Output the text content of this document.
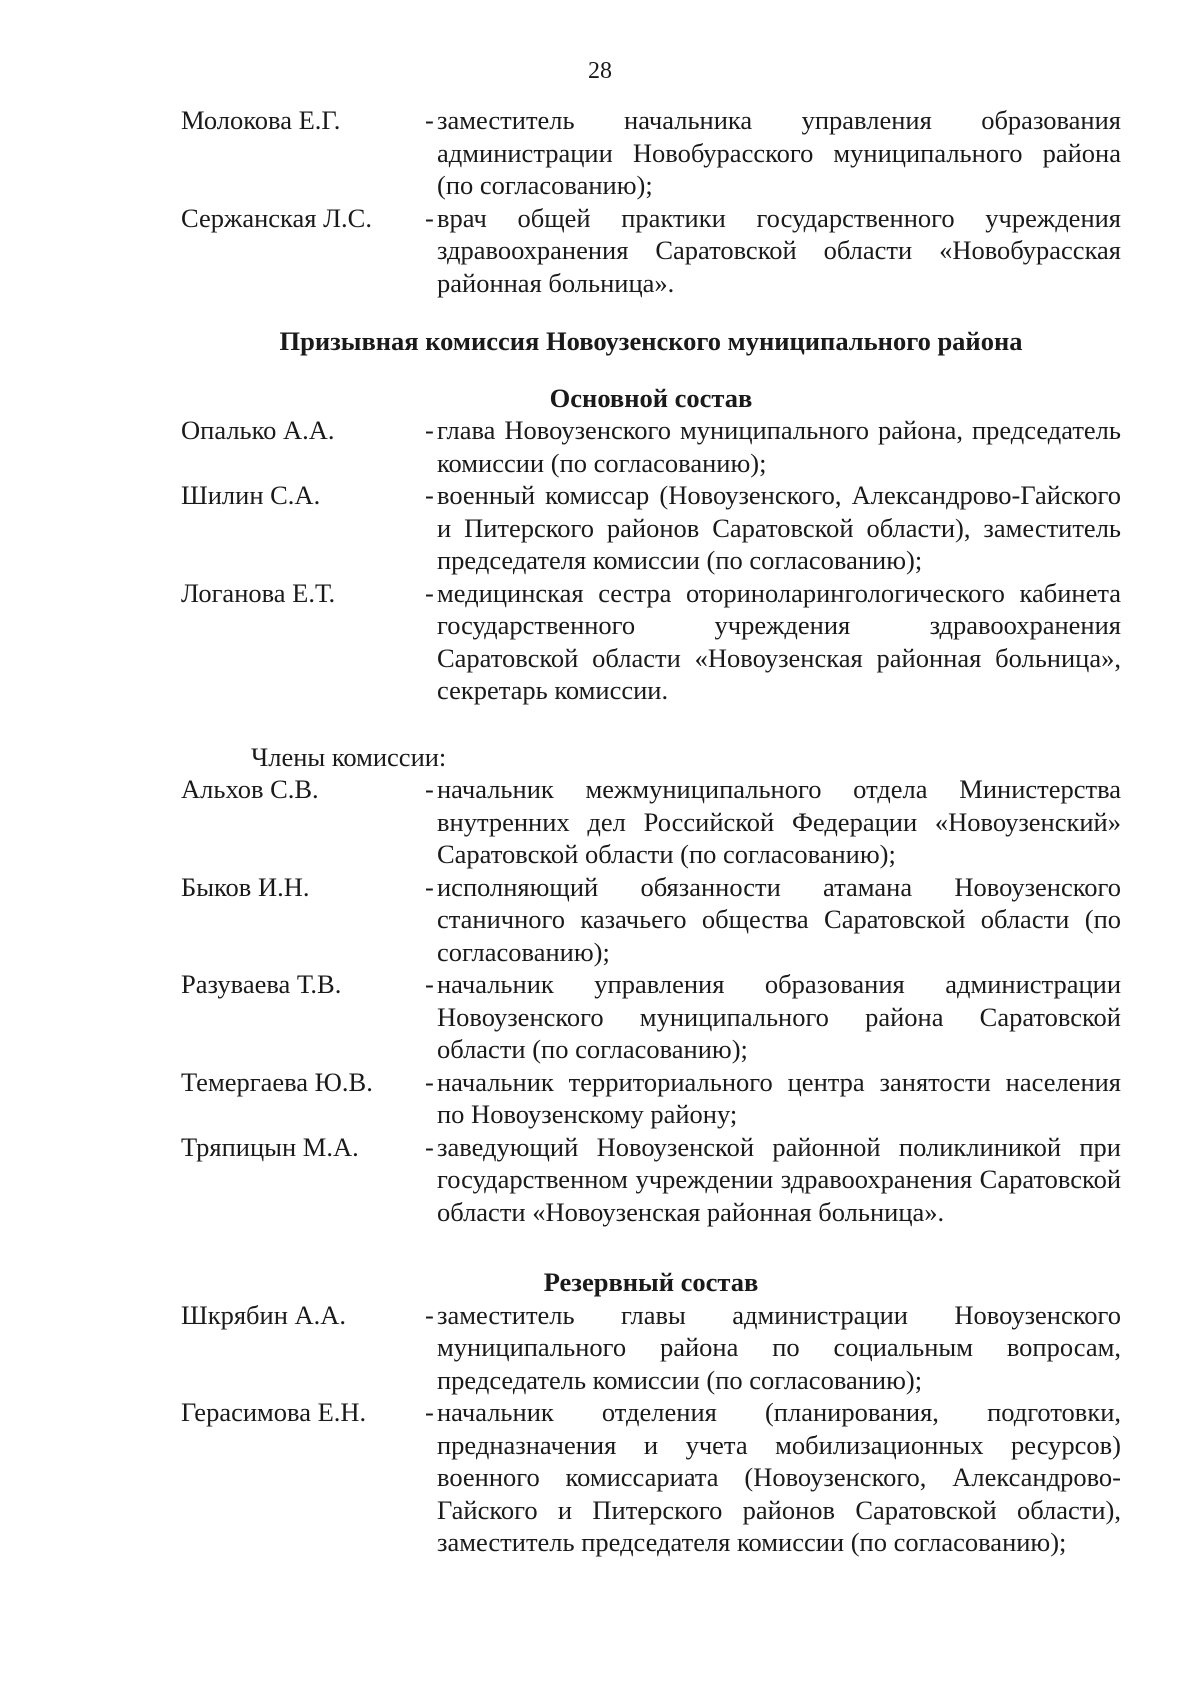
28
Молокова Е.Г.	- заместитель начальника управления образования администрации Новобурасского муниципального района (по согласованию);
Сержанская Л.С.	- врач общей практики государственного учреждения здравоохранения Саратовской области «Новобурасская районная больница».
Призывная комиссия Новоузенского муниципального района
Основной состав
Опалько А.А.	- глава Новоузенского муниципального района, председатель комиссии (по согласованию);
Шилин С.А.	- военный комиссар (Новоузенского, Александрово-Гайского и Питерского районов Саратовской области), заместитель председателя комиссии (по согласованию);
Логанова Е.Т.	- медицинская сестра оториноларингологического кабинета государственного учреждения здравоохранения Саратовской области «Новоузенская районная больница», секретарь комиссии.
Члены комиссии:
Альхов С.В.	- начальник межмуниципального отдела Министерства внутренних дел Российской Федерации «Новоузенский» Саратовской области (по согласованию);
Быков И.Н.	- исполняющий обязанности атамана Новоузенского станичного казачьего общества Саратовской области (по согласованию);
Разуваева Т.В.	- начальник управления образования администрации Новоузенского муниципального района Саратовской области (по согласованию);
Темергаева Ю.В.	- начальник территориального центра занятости населения по Новоузенскому району;
Тряпицын М.А.	- заведующий Новоузенской районной поликлиникой при государственном учреждении здравоохранения Саратовской области «Новоузенская районная больница».
Резервный состав
Шкрябин А.А.	- заместитель главы администрации Новоузенского муниципального района по социальным вопросам, председатель комиссии (по согласованию);
Герасимова Е.Н.	- начальник отделения (планирования, подготовки, предназначения и учета мобилизационных ресурсов) военного комиссариата (Новоузенского, Александрово-Гайского и Питерского районов Саратовской области), заместитель председателя комиссии (по согласованию);
